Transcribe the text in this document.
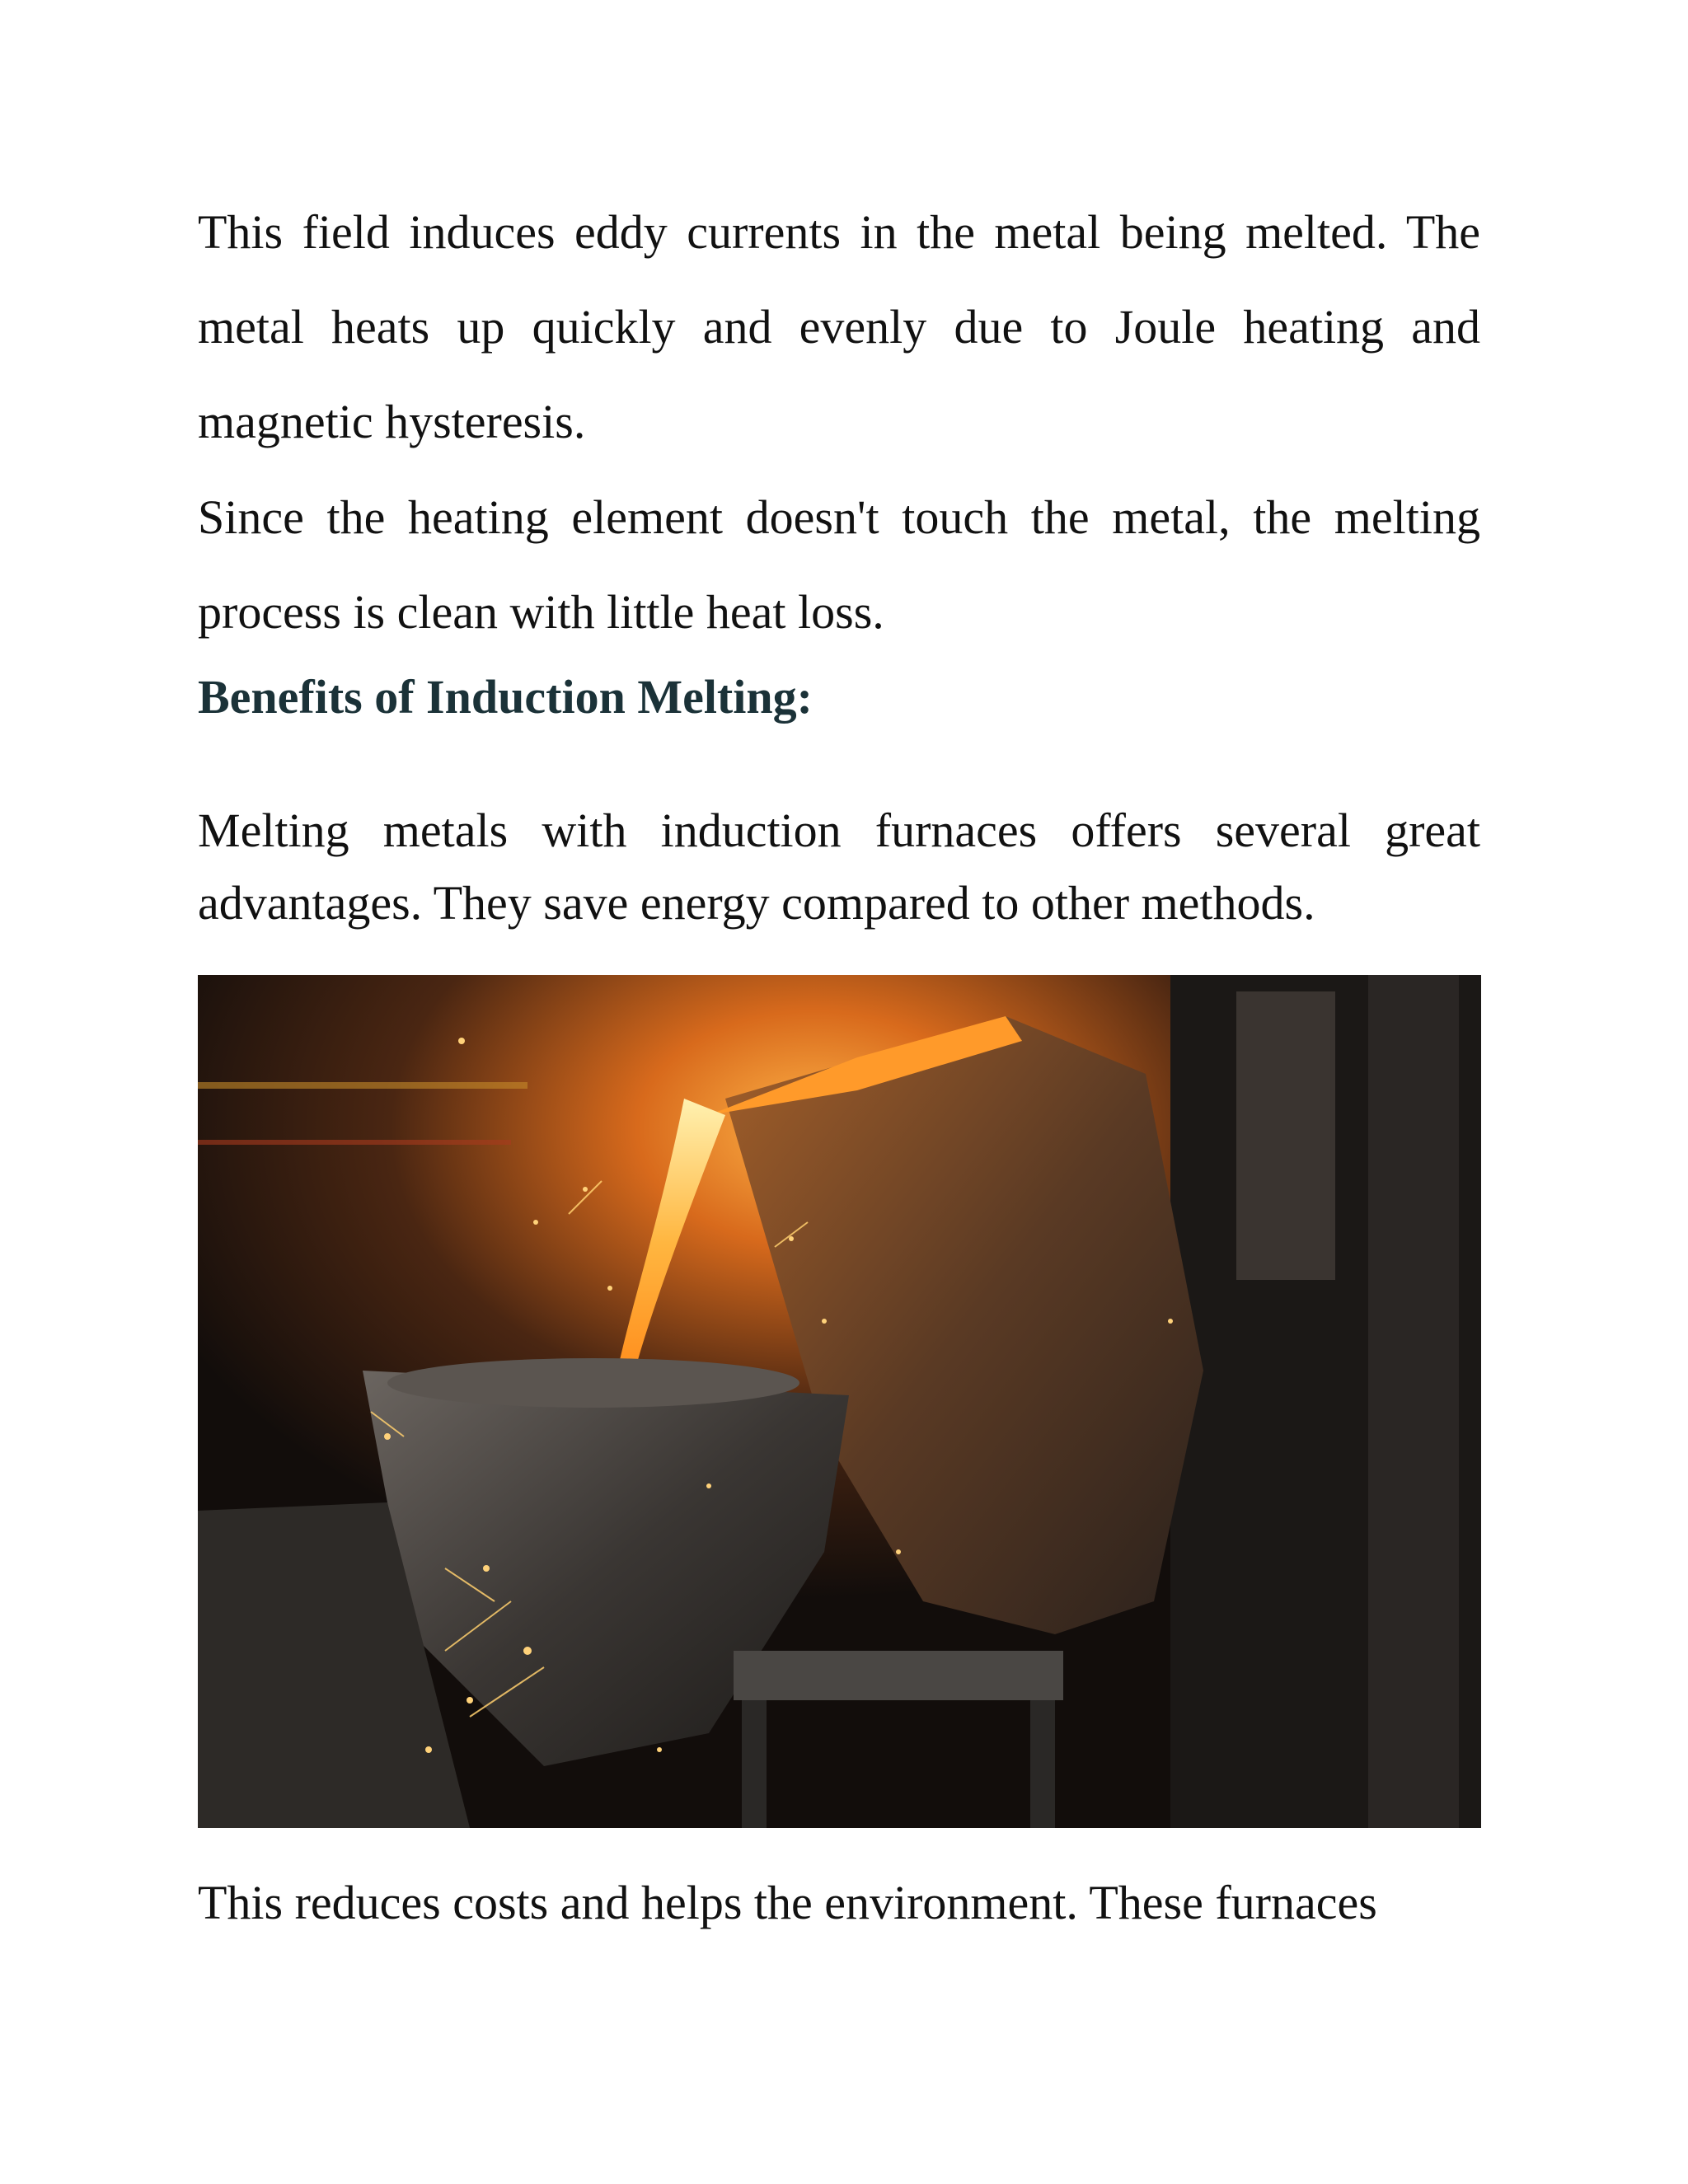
This field induces eddy currents in the metal being melted. The metal heats up quickly and evenly due to Joule heating and magnetic hysteresis.

Since the heating element doesn't touch the metal, the melting process is clean with little heat loss.

Benefits of Induction Melting:

Melting metals with induction furnaces offers several great advantages. They save energy compared to other methods.

This reduces costs and helps the environment. These furnaces
